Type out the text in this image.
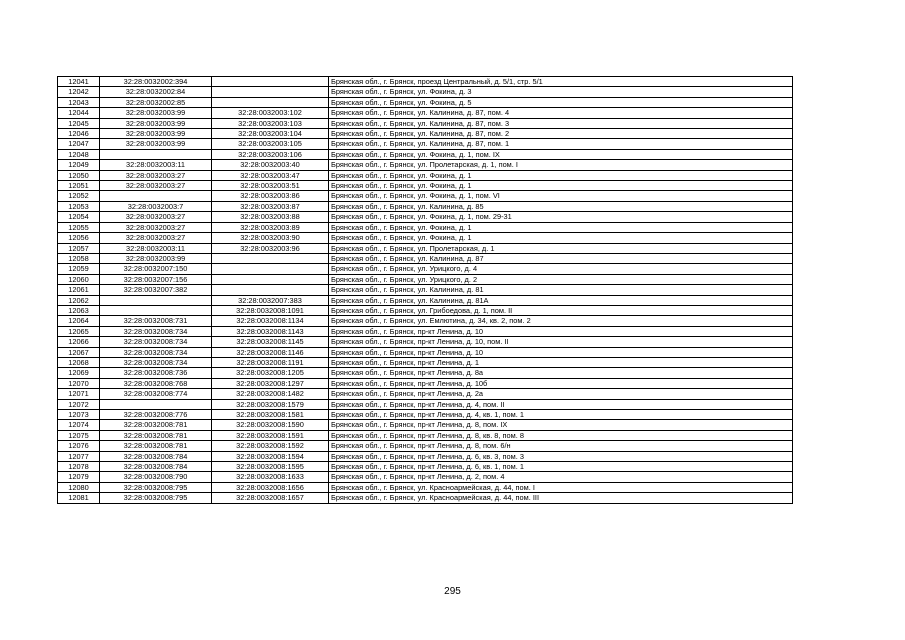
12041	32:28:0032002:394		Брянская обл., г. Брянск, проезд Центральный, д. 5/1, стр. 5/1
12042	32:28:0032002:84		Брянская обл., г. Брянск, ул. Фокина, д. 3
12043	32:28:0032002:85		Брянская обл., г. Брянск, ул. Фокина, д. 5
12044	32:28:0032003:99	32:28:0032003:102	Брянская обл., г. Брянск, ул. Калинина, д. 87, пом. 4
12045	32:28:0032003:99	32:28:0032003:103	Брянская обл., г. Брянск, ул. Калинина, д. 87, пом. 3
12046	32:28:0032003:99	32:28:0032003:104	Брянская обл., г. Брянск, ул. Калинина, д. 87, пом. 2
12047	32:28:0032003:99	32:28:0032003:105	Брянская обл., г. Брянск, ул. Калинина, д. 87, пом. 1
12048		32:28:0032003:106	Брянская обл., г. Брянск, ул. Фокина, д. 1, пом. IX
12049	32:28:0032003:11	32:28:0032003:40	Брянская обл., г. Брянск, ул. Пролетарская, д. 1, пом. I
12050	32:28:0032003:27	32:28:0032003:47	Брянская обл., г. Брянск, ул. Фокина, д. 1
12051	32:28:0032003:27	32:28:0032003:51	Брянская обл., г. Брянск, ул. Фокина, д. 1
12052		32:28:0032003:86	Брянская обл., г. Брянск, ул. Фокина, д. 1, пом. VI
12053	32:28:0032003:7	32:28:0032003:87	Брянская обл., г. Брянск, ул. Калинина, д. 85
12054	32:28:0032003:27	32:28:0032003:88	Брянская обл., г. Брянск, ул. Фокина, д. 1, пом. 29-31
12055	32:28:0032003:27	32:28:0032003:89	Брянская обл., г. Брянск, ул. Фокина, д. 1
12056	32:28:0032003:27	32:28:0032003:90	Брянская обл., г. Брянск, ул. Фокина, д. 1
12057	32:28:0032003:11	32:28:0032003:96	Брянская обл., г. Брянск, ул. Пролетарская, д. 1
12058	32:28:0032003:99		Брянская обл., г. Брянск, ул. Калинина, д. 87
12059	32:28:0032007:150		Брянская обл., г. Брянск, ул. Урицкого, д. 4
12060	32:28:0032007:156		Брянская обл., г. Брянск, ул. Урицкого, д. 2
12061	32:28:0032007:382		Брянская обл., г. Брянск, ул. Калинина, д. 81
12062		32:28:0032007:383	Брянская обл., г. Брянск, ул. Калинина, д. 81А
12063		32:28:0032008:1091	Брянская обл., г. Брянск, ул. Грибоедова, д. 1, пом. II
12064	32:28:0032008:731	32:28:0032008:1134	Брянская обл., г. Брянск, ул. Емлютина, д. 34, кв. 2, пом. 2
12065	32:28:0032008:734	32:28:0032008:1143	Брянская обл., г. Брянск, пр-кт Ленина, д. 10
12066	32:28:0032008:734	32:28:0032008:1145	Брянская обл., г. Брянск, пр-кт Ленина, д. 10, пом. II
12067	32:28:0032008:734	32:28:0032008:1146	Брянская обл., г. Брянск, пр-кт Ленина, д. 10
12068	32:28:0032008:734	32:28:0032008:1191	Брянская обл., г. Брянск, пр-кт Ленина, д. 1
12069	32:28:0032008:736	32:28:0032008:1205	Брянская обл., г. Брянск, пр-кт Ленина, д. 8а
12070	32:28:0032008:768	32:28:0032008:1297	Брянская обл., г. Брянск, пр-кт Ленина, д. 10б
12071	32:28:0032008:774	32:28:0032008:1482	Брянская обл., г. Брянск, пр-кт Ленина, д. 2а
12072		32:28:0032008:1579	Брянская обл., г. Брянск, пр-кт Ленина, д. 4, пом. II
12073	32:28:0032008:776	32:28:0032008:1581	Брянская обл., г. Брянск, пр-кт Ленина, д. 4, кв. 1, пом. 1
12074	32:28:0032008:781	32:28:0032008:1590	Брянская обл., г. Брянск, пр-кт Ленина, д. 8, пом. IX
12075	32:28:0032008:781	32:28:0032008:1591	Брянская обл., г. Брянск, пр-кт Ленина, д. 8, кв. 8, пом. 8
12076	32:28:0032008:781	32:28:0032008:1592	Брянская обл., г. Брянск, пр-кт Ленина, д. 8, пом. 6/н
12077	32:28:0032008:784	32:28:0032008:1594	Брянская обл., г. Брянск, пр-кт Ленина, д. 6, кв. 3, пом. 3
12078	32:28:0032008:784	32:28:0032008:1595	Брянская обл., г. Брянск, пр-кт Ленина, д. 6, кв. 1, пом. 1
12079	32:28:0032008:790	32:28:0032008:1633	Брянская обл., г. Брянск, пр-кт Ленина, д. 2, пом. 4
12080	32:28:0032008:795	32:28:0032008:1656	Брянская обл., г. Брянск, ул. Красноармейская, д. 44, пом. I
12081	32:28:0032008:795	32:28:0032008:1657	Брянская обл., г. Брянск, ул. Красноармейская, д. 44, пом. III
295
